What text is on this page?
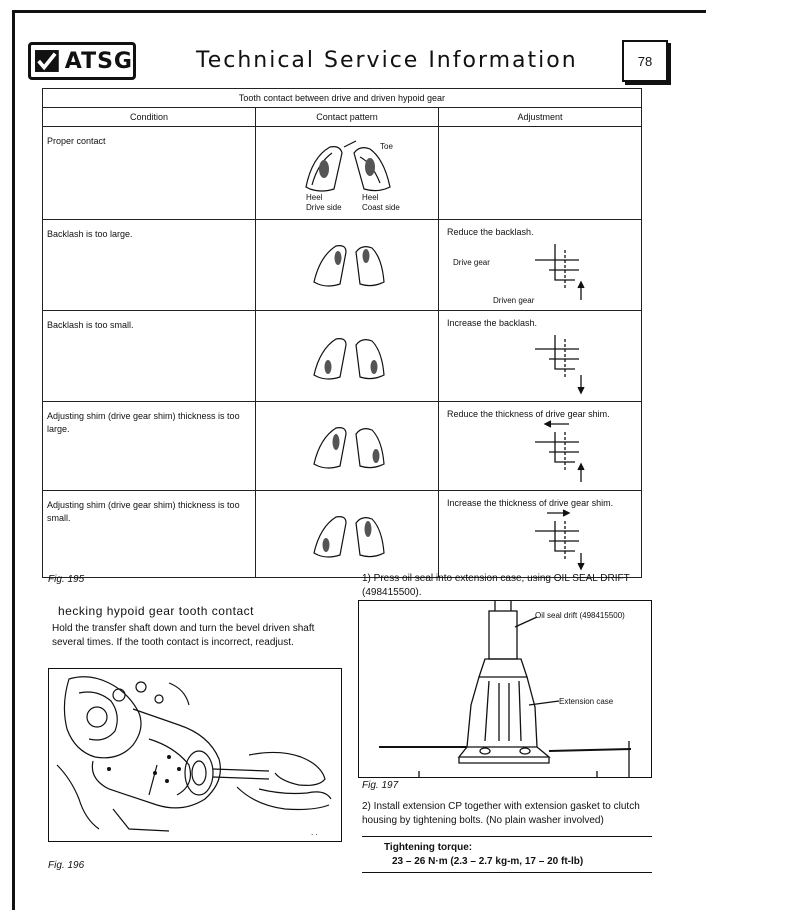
ATSG	Technical Service Information	78
Tooth contact between drive and driven hypoid gear		
Condition	Contact pattern	Adjustment
Proper contact	Toe
Heel
Drive side
Heel
Coast side	

Backlash is too large.		Reduce the backlash.
Drive gear
Driven gear

Backlash is too small.		Increase the backlash.

Adjusting shim (drive gear shim) thickness is too large.		Reduce the thickness of drive gear shim.

Adjusting shim (drive gear shim) thickness is too small.		Increase the thickness of drive gear shim.
Fig. 195
hecking hypoid gear tooth contact
Hold the transfer shaft down and turn the bevel driven shaft several times. If the tooth contact is incorrect, readjust.
. .
Fig. 196
1) Press oil seal into extension case, using OIL SEAL DRIFT (498415500).
Oil seal drift (498415500)
Extension case
Fig. 197
2) Install extension CP together with extension gasket to clutch housing by tightening bolts. (No plain washer involved)
Tightening torque:
23 – 26 N·m (2.3 – 2.7 kg-m, 17 – 20 ft-lb)
